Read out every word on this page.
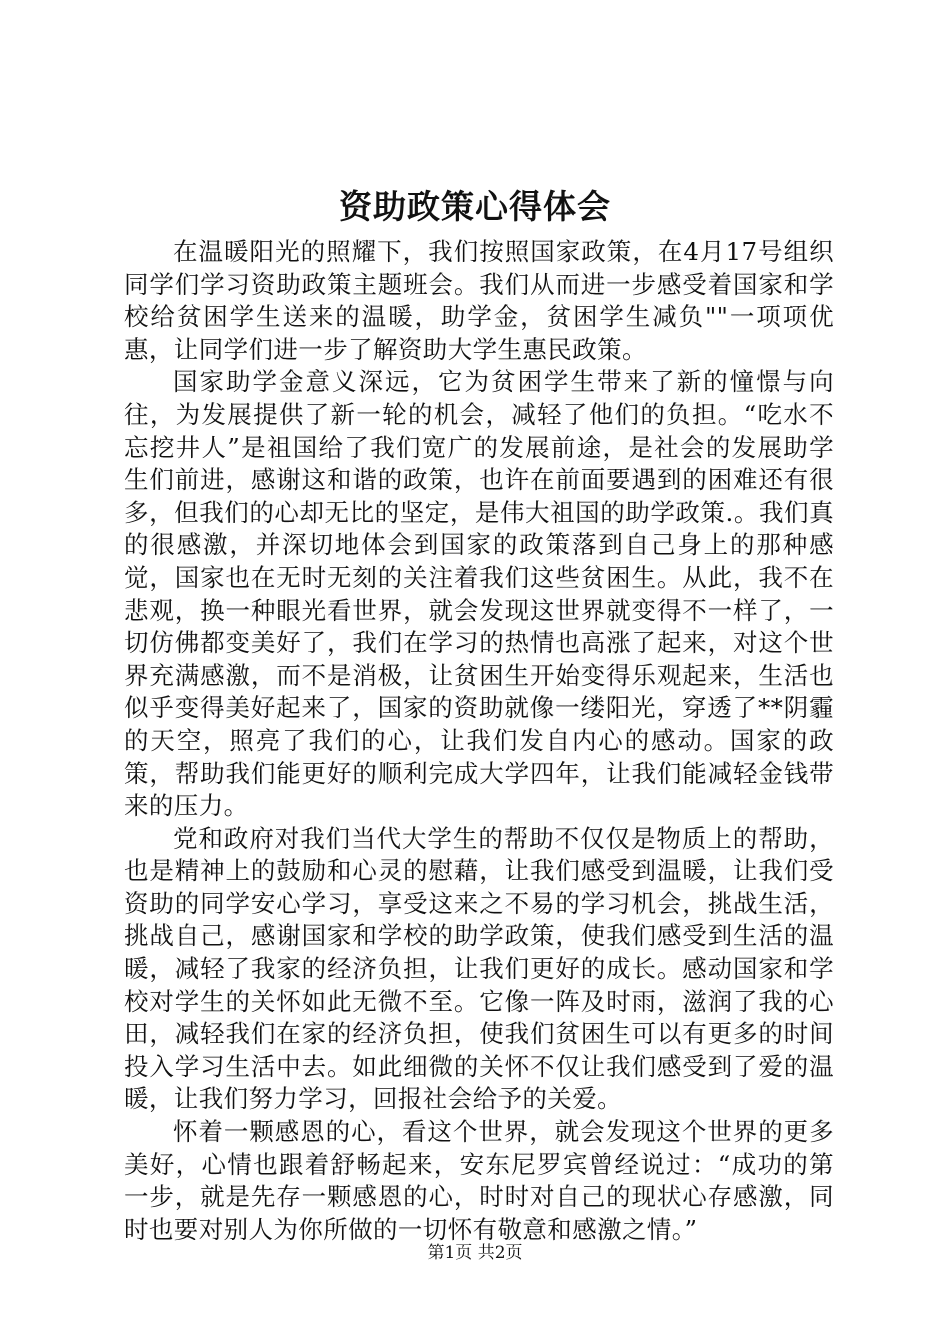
资助政策心得体会

在温暖阳光的照耀下，我们按照国家政策，在4月17号组织同学们学习资助政策主题班会。我们从而进一步感受着国家和学校给贫困学生送来的温暖，助学金，贫困学生减负""一项项优惠，让同学们进一步了解资助大学生惠民政策。

国家助学金意义深远，它为贫困学生带来了新的憧憬与向往，为发展提供了新一轮的机会，减轻了他们的负担。“吃水不忘挖井人”是祖国给了我们宽广的发展前途，是社会的发展助学生们前进，感谢这和谐的政策，也许在前面要遇到的困难还有很多，但我们的心却无比的坚定，是伟大祖国的助学政策.。我们真的很感激，并深切地体会到国家的政策落到自己身上的那种感觉，国家也在无时无刻的关注着我们这些贫困生。从此，我不在悲观，换一种眼光看世界，就会发现这世界就变得不一样了，一切仿佛都变美好了，我们在学习的热情也高涨了起来，对这个世界充满感激，而不是消极，让贫困生开始变得乐观起来，生活也似乎变得美好起来了，国家的资助就像一缕阳光，穿透了**阴霾的天空，照亮了我们的心，让我们发自内心的感动。国家的政策，帮助我们能更好的顺利完成大学四年，让我们能减轻金钱带来的压力。

党和政府对我们当代大学生的帮助不仅仅是物质上的帮助，也是精神上的鼓励和心灵的慰藉，让我们感受到温暖，让我们受资助的同学安心学习，享受这来之不易的学习机会，挑战生活，挑战自己，感谢国家和学校的助学政策，使我们感受到生活的温暖，减轻了我家的经济负担，让我们更好的成长。感动国家和学校对学生的关怀如此无微不至。它像一阵及时雨，滋润了我的心田，减轻我们在家的经济负担，使我们贫困生可以有更多的时间投入学习生活中去。如此细微的关怀不仅让我们感受到了爱的温暖，让我们努力学习，回报社会给予的关爱。

怀着一颗感恩的心，看这个世界，就会发现这个世界的更多美好，心情也跟着舒畅起来，安东尼罗宾曾经说过：“成功的第一步，就是先存一颗感恩的心，时时对自己的现状心存感激，同时也要对别人为你所做的一切怀有敬意和感激之情。”

第1页 共2页
